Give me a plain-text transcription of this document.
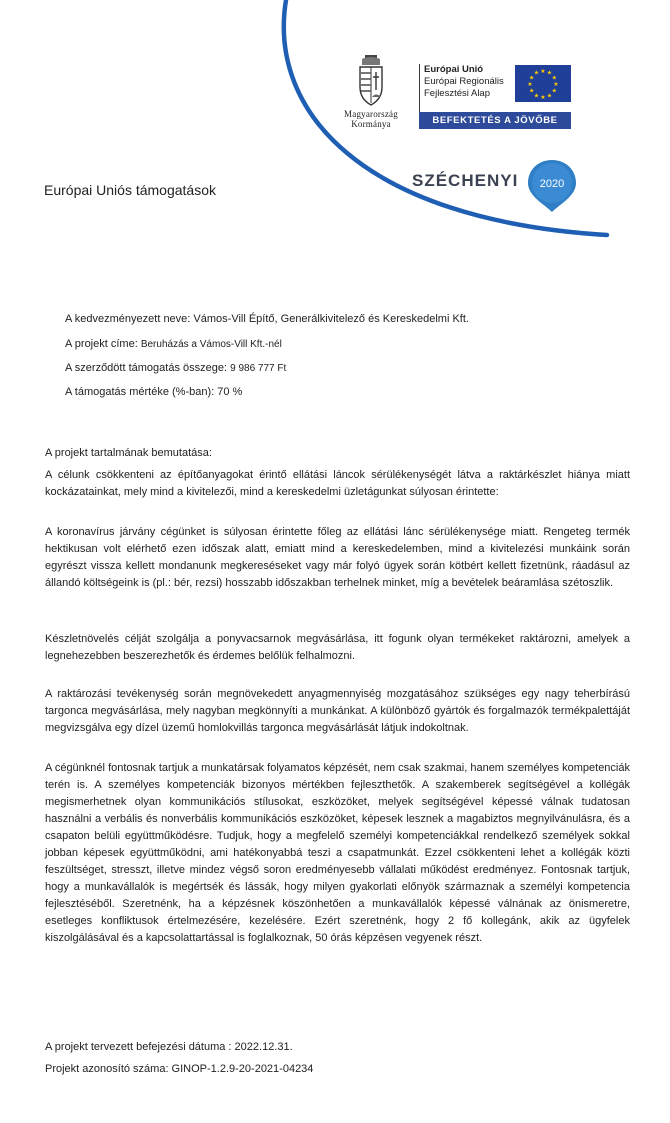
Magyarország
Kormánya
Európai Unió
Európai Regionális
Fejlesztési Alap
★ ★
★
★
★
★
★
★
★
★
★
★
BEFEKTETÉS A JÖVŐBE
SZÉCHENYI 2020
Európai Uniós támogatások
A kedvezményezett neve: Vámos-Vill Építő, Generálkivitelező és Kereskedelmi Kft.
A projekt címe: Beruházás a Vámos-Vill Kft.-nél
A szerződött támogatás összege: 9 986 777 Ft
A támogatás mértéke (%-ban): 70 %
A projekt tartalmának bemutatása:
A célunk csökkenteni az építőanyagokat érintő ellátási láncok sérülékenységét látva a raktárkészlet hiánya miatt kockázatainkat, mely mind a kivitelezői, mind a kereskedelmi üzletágunkat súlyosan érintette:
A koronavírus járvány cégünket is súlyosan érintette főleg az ellátási lánc sérülékenysége miatt. Rengeteg termék hektikusan volt elérhető ezen időszak alatt, emiatt mind a kereskedelemben, mind a kivitelezési munkáink során egyrészt vissza kellett mondanunk megkereséseket vagy már folyó ügyek során kötbért kellett fizetnünk, ráadásul az állandó költségeink is (pl.: bér, rezsi) hosszabb időszakban terhelnek minket, míg a bevételek beáramlása szétoszlik.
Készletnövelés célját szolgálja a ponyvacsarnok megvásárlása, itt fogunk olyan termékeket raktározni, amelyek a legnehezebben beszerezhetők és érdemes belőlük felhalmozni.
A raktározási tevékenység során megnövekedett anyagmennyiség mozgatásához szükséges egy nagy teherbírású targonca megvásárlása, mely nagyban megkönnyíti a munkánkat. A különböző gyártók és forgalmazók termékpalettáját megvizsgálva egy dízel üzemű homlokvillás targonca megvásárlását látjuk indokoltnak.
A cégünknél fontosnak tartjuk a munkatársak folyamatos képzését, nem csak szakmai, hanem személyes kompetenciák terén is. A személyes kompetenciák bizonyos mértékben fejleszthetők. A szakemberek segítségével a kollégák megismerhetnek olyan kommunikációs stílusokat, eszközöket, melyek segítségével képessé válnak tudatosan használni a verbális és nonverbális kommunikációs eszközöket, képesek lesznek a magabiztos megnyilvánulásra, és a csapaton belüli együttműködésre. Tudjuk, hogy a megfelelő személyi kompetenciákkal rendelkező személyek sokkal jobban képesek együttműködni, ami hatékonyabbá teszi a csapatmunkát. Ezzel csökkenteni lehet a kollégák közti feszültséget, stresszt, illetve mindez végső soron eredményesebb vállalati működést eredményez. Fontosnak tartjuk, hogy a munkavállalók is megértsék és lássák, hogy milyen gyakorlati előnyök származnak a személyi kompetencia fejlesztéséből. Szeretnénk, ha a képzésnek köszönhetően a munkavállalók képessé válnának az önismeretre, esetleges konfliktusok értelmezésére, kezelésére. Ezért szeretnénk, hogy 2 fő kollegánk, akik az ügyfelek kiszolgálásával és a kapcsolattartással is foglalkoznak, 50 órás képzésen vegyenek részt.
A projekt tervezett befejezési dátuma : 2022.12.31.
Projekt azonosító száma: GINOP-1.2.9-20-2021-04234
